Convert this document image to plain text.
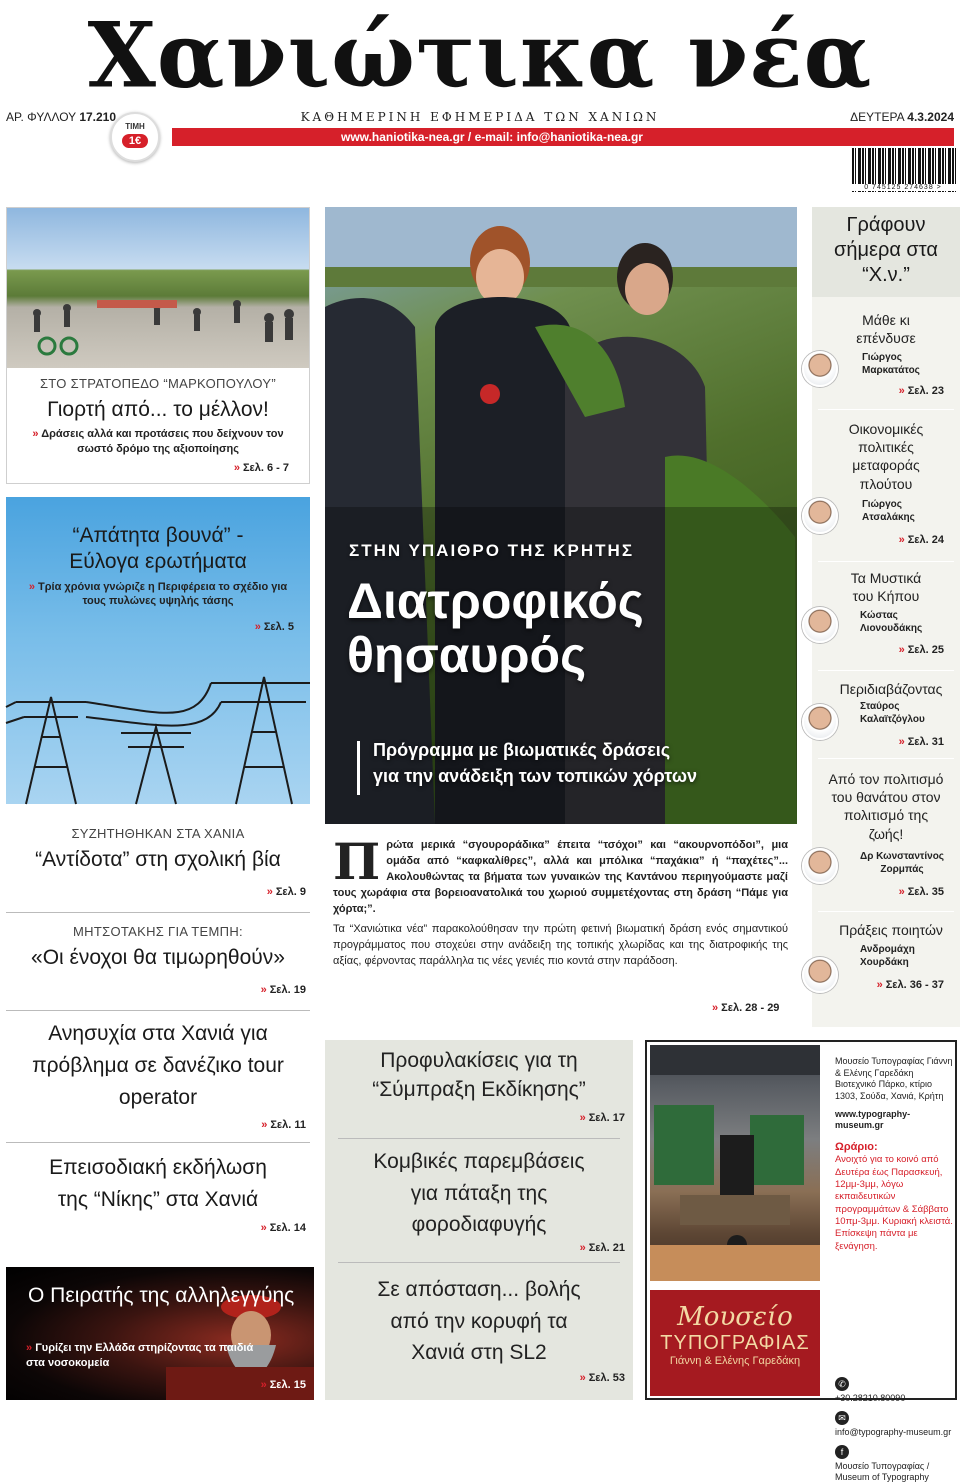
Χανιώτικα νέα
ΑΡ. ΦΥΛΛΟΥ 17.210
ΤΙΜΗ
1€
ΚΑΘΗΜΕΡΙΝΗ ΕΦΗΜΕΡΙΔΑ ΤΩΝ ΧΑΝΙΩΝ	ΔΕΥΤΕΡΑ 4.3.2024
www.haniotika-nea.gr / e-mail: info@haniotika-nea.gr
0 745125 274638 >
ΣΤΟ ΣΤΡΑΤΟΠΕΔΟ “ΜΑΡΚΟΠΟΥΛΟΥ”
Γιορτή από... το μέλλον!
» Δράσεις αλλά και προτάσεις που δείχνουν τον σωστό δρόμο της αξιοποίησης
» Σελ. 6 - 7
“Απάτητα βουνά” - Εύλογα ερωτήματα
» Τρία χρόνια γνώριζε η Περιφέρεια το σχέδιο για τους πυλώνες υψηλής τάσης
» Σελ. 5
ΣΥΖΗΤΗΘΗΚΑΝ ΣΤΑ ΧΑΝΙΑ
“Αντίδοτα” στη σχολική βία
» Σελ. 9
ΜΗΤΣΟΤΑΚΗΣ ΓΙΑ ΤΕΜΠΗ:
«Οι ένοχοι θα τιμωρηθούν»
» Σελ. 19
Ανησυχία στα Χανιά για πρόβλημα σε δανέζικο tour operator
» Σελ. 11
Επεισοδιακή εκδήλωση της “Νίκης” στα Χανιά
» Σελ. 14
Ο Πειρατής της αλληλεγγύης
» Γυρίζει την Ελλάδα στηρίζοντας τα παιδιά στα νοσοκομεία
» Σελ. 15
ΣΤΗΝ ΥΠΑΙΘΡΟ ΤΗΣ ΚΡΗΤΗΣ
Διατροφικός
θησαυρός
Πρόγραμμα με βιωματικές δράσεις
για την ανάδειξη των τοπικών χόρτων
Π ρώτα μερικά “σγουροράδικα” έπειτα “τσόχοι” και “ακουρνοπόδοι”, μια ομάδα από “καφκαλίθρες”, αλλά και μπόλικα “παχάκια” ή “παχέτες”... Ακολουθώντας τα βήματα των γυναικών της Καντάνου περιηγούμαστε μαζί τους χωράφια στα βορειοανατολικά του χωριού συμμετέχοντας στη δράση “Πάμε για χόρτα;”.
Τα “Χανιώτικα νέα” παρακολούθησαν την πρώτη φετινή βιωματική δράση ενός σημαντικού προγράμματος που στοχεύει στην ανάδειξη της τοπικής χλωρίδας και της διατροφικής της αξίας, φέρνοντας παράλληλα τις νέες γενιές πιο κοντά στην παράδοση.
» Σελ. 28 - 29
Γράφουν σήμερα στα “Χ.ν.”
Μάθε κι επένδυσε
Γιώργος Μαρκατάτος
» Σελ. 23
Οικονομικές πολιτικές μεταφοράς πλούτου
Γιώργος Ατσαλάκης
» Σελ. 24
Τα Μυστικά του Κήπου
Κώστας Λιονουδάκης
» Σελ. 25
Περιδιαβάζοντας
Σταύρος Καλαϊτζόγλου
» Σελ. 31
Από τον πολιτισμό του θανάτου στον πολιτισμό της ζωής!
Δρ Κωνσταντίνος Ζορμπάς
» Σελ. 35
Πράξεις ποιητών
Ανδρομάχη Χουρδάκη
» Σελ. 36 - 37
Προφυλακίσεις για τη “Σύμπραξη Εκδίκησης”
» Σελ. 17
Κομβικές παρεμβάσεις για πάταξη της φοροδιαφυγής
» Σελ. 21
Σε απόσταση... βολής από την κορυφή τα Χανιά στη SL2
» Σελ. 53
Μουσείο
ΤΥΠΟΓΡΑΦΙΑΣ
Γιάννη & Ελένης Γαρεδάκη
Μουσείο Τυπογραφίας Γιάννη & Ελένης Γαρεδάκη Βιοτεχνικό Πάρκο, κτίριο 1303, Σούδα, Χανιά, Κρήτη
www.typography-museum.gr
Ωράριο:
Ανοιχτό για το κοινό από Δευτέρα έως Παρασκευή, 12μμ-3μμ, λόγω εκπαιδευτικών προγραμμάτων & Σάββατο 10πμ-3μμ. Κυριακή κλειστά. Επίσκεψη πάντα με ξενάγηση.
✆
+30.28210.80090
✉
info@typography-museum.gr
f
Μουσείο Τυπογραφίας / Museum of Typography
